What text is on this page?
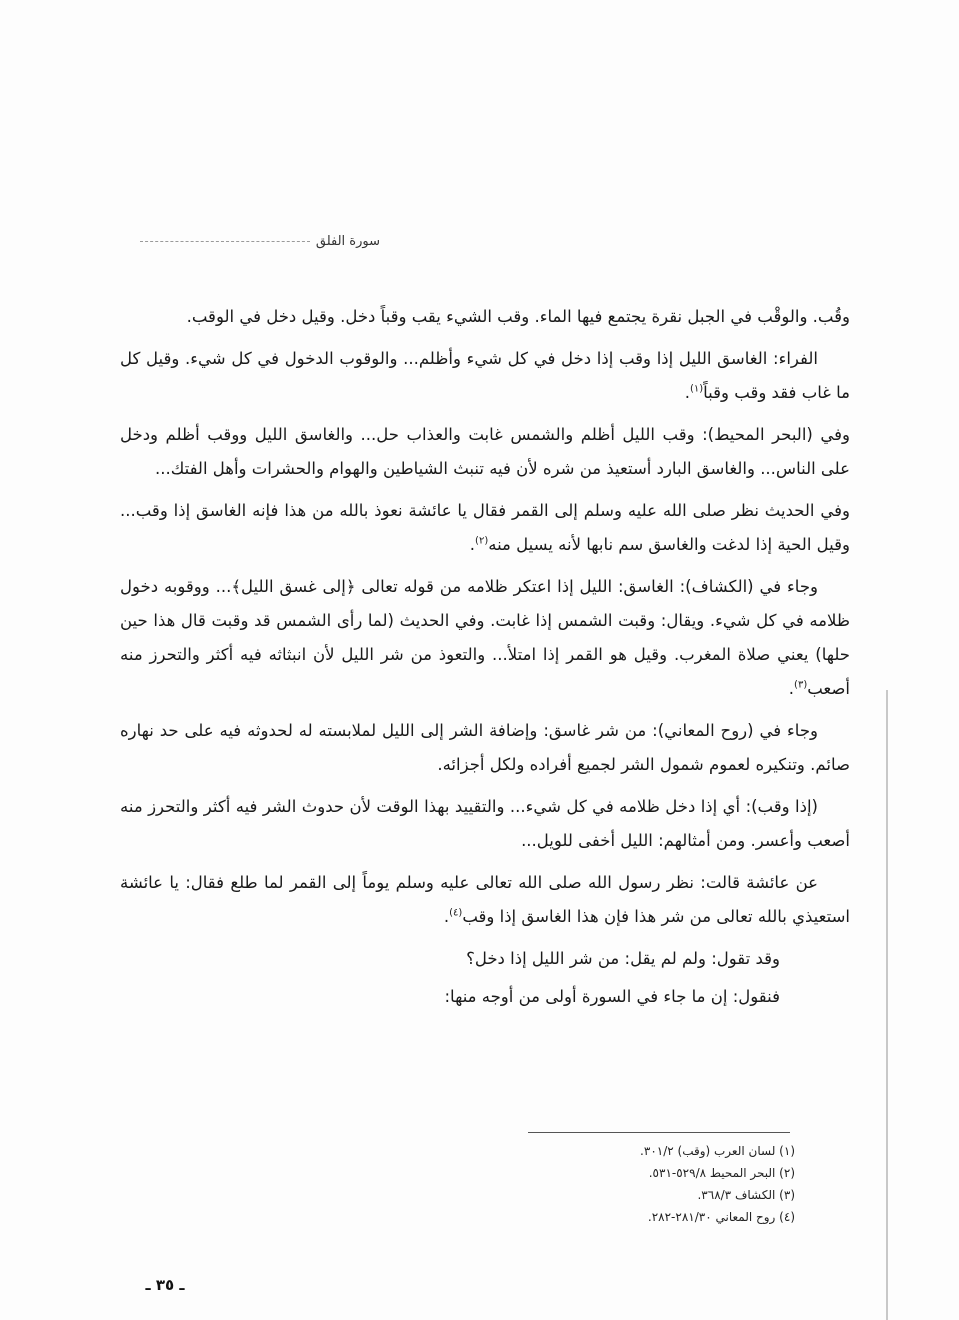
سورة الفلق

وقُب. والوقْب في الجبل نقرة يجتمع فيها الماء. وقب الشيء يقب وقباً دخل. وقيل دخل في الوقب.

الفراء: الغاسق الليل إذا وقب إذا دخل في كل شيء وأظلم... والوقوب الدخول في كل شيء. وقيل كل ما غاب فقد وقب وقباً$^{(١)}$.

وفي (البحر المحيط): وقب الليل أظلم والشمس غابت والعذاب حل... والغاسق الليل ووقب أظلم ودخل على الناس... والغاسق البارد أستعيذ من شره لأن فيه تنبث الشياطين والهوام والحشرات وأهل الفتك...

وفي الحديث نظر صلى الله عليه وسلم إلى القمر فقال يا عائشة نعوذ بالله من هذا فإنه الغاسق إذا وقب... وقيل الحية إذا لدغت والغاسق سم نابها لأنه يسيل منه$^{(٢)}$.

وجاء في (الكشاف): الغاسق: الليل إذا اعتكر ظلامه من قوله تعالى ﴿إلى غسق الليل﴾... ووقوبه دخول ظلامه في كل شيء. ويقال: وقبت الشمس إذا غابت. وفي الحديث (لما رأى الشمس قد وقبت قال هذا حين حلها) يعني صلاة المغرب. وقيل هو القمر إذا امتلأ... والتعوذ من شر الليل لأن انبثاثه فيه أكثر والتحرز منه أصعب$^{(٣)}$.

وجاء في (روح المعاني): من شر غاسق: وإضافة الشر إلى الليل لملابسته له لحدوثه فيه على حد نهاره صائم. وتنكيره لعموم شمول الشر لجميع أفراده ولكل أجزائه.

(إذا وقب): أي إذا دخل ظلامه في كل شيء... والتقييد بهذا الوقت لأن حدوث الشر فيه أكثر والتحرز منه أصعب وأعسر. ومن أمثالهم: الليل أخفى للويل...

عن عائشة قالت: نظر رسول الله صلى الله تعالى عليه وسلم يوماً إلى القمر لما طلع فقال: يا عائشة استعيذي بالله تعالى من شر هذا فإن هذا الغاسق إذا وقب$^{(٤)}$.

وقد تقول: ولم لم يقل: من شر الليل إذا دخل؟

فنقول: إن ما جاء في السورة أولى من أوجه منها:

(١) لسان العرب (وقب) ٣٠١/٢.
(٢) البحر المحيط ٥٢٩/٨-٥٣١.
(٣) الكشاف ٣٦٨/٣.
(٤) روح المعاني ٢٨١/٣٠-٢٨٢.
ـ ٣٥ ـ
